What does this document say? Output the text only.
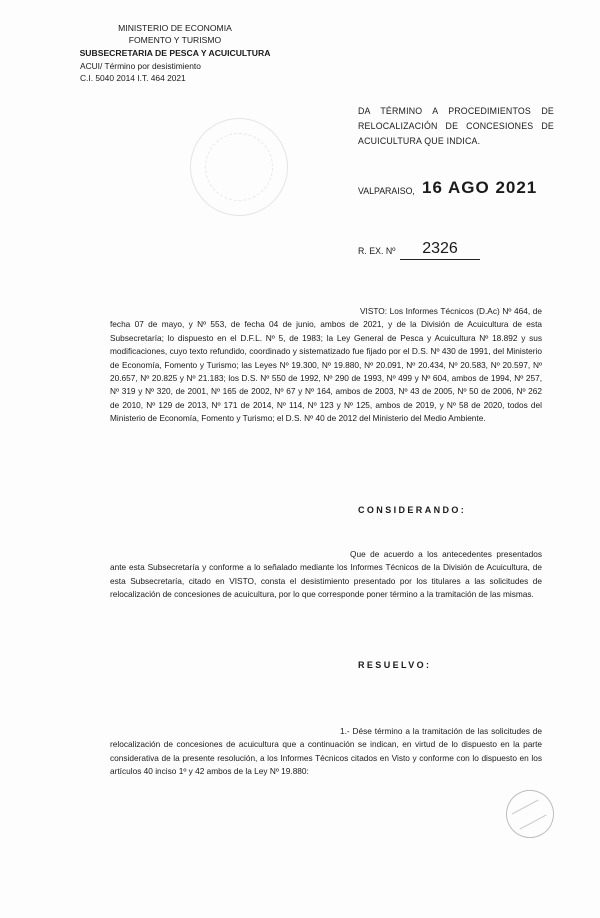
MINISTERIO DE ECONOMIA
FOMENTO Y TURISMO
SUBSECRETARIA DE PESCA Y ACUICULTURA
ACUI/ Término por desistimiento
C.I. 5040 2014 I.T. 464 2021
DA TÉRMINO A PROCEDIMIENTOS DE
RELOCALIZACIÓN DE CONCESIONES DE
ACUICULTURA QUE INDICA.
VALPARAISO, 16 AGO 2021
R. EX. Nº	2326
VISTO: Los Informes Técnicos (D.Ac) Nº 464, de fecha 07 de mayo, y Nº 553, de fecha 04 de junio, ambos de 2021, y de la División de Acuicultura de esta Subsecretaría; lo dispuesto en el D.F.L. Nº 5, de 1983; la Ley General de Pesca y Acuicultura Nº 18.892 y sus modificaciones, cuyo texto refundido, coordinado y sistematizado fue fijado por el D.S. Nº 430 de 1991, del Ministerio de Economía, Fomento y Turismo; las Leyes Nº 19.300, Nº 19.880, Nº 20.091, Nº 20.434, Nº 20.583, Nº 20.597, Nº 20.657, Nº 20.825 y Nº 21.183; los D.S. Nº 550 de 1992, Nº 290 de 1993, Nº 499 y Nº 604, ambos de 1994, Nº 257, Nº 319 y Nº 320, de 2001, Nº 165 de 2002, Nº 67 y Nº 164, ambos de 2003, Nº 43 de 2005, Nº 50 de 2006, Nº 262 de 2010, Nº 129 de 2013, Nº 171 de 2014, Nº 114, Nº 123 y Nº 125, ambos de 2019, y Nº 58 de 2020, todos del Ministerio de Economía, Fomento y Turismo; el D.S. Nº 40 de 2012 del Ministerio del Medio Ambiente.
CONSIDERANDO:
Que de acuerdo a los antecedentes presentados ante esta Subsecretaría y conforme a lo señalado mediante los Informes Técnicos de la División de Acuicultura, de esta Subsecretaría, citado en VISTO, consta el desistimiento presentado por los titulares a las solicitudes de relocalización de concesiones de acuicultura, por lo que corresponde poner término a la tramitación de las mismas.
RESUELVO:
1.- Dése término a la tramitación de las solicitudes de relocalización de concesiones de acuicultura que a continuación se indican, en virtud de lo dispuesto en la parte considerativa de la presente resolución, a los Informes Técnicos citados en Visto y conforme con lo dispuesto en los artículos 40 inciso 1º y 42 ambos de la Ley Nº 19.880:
